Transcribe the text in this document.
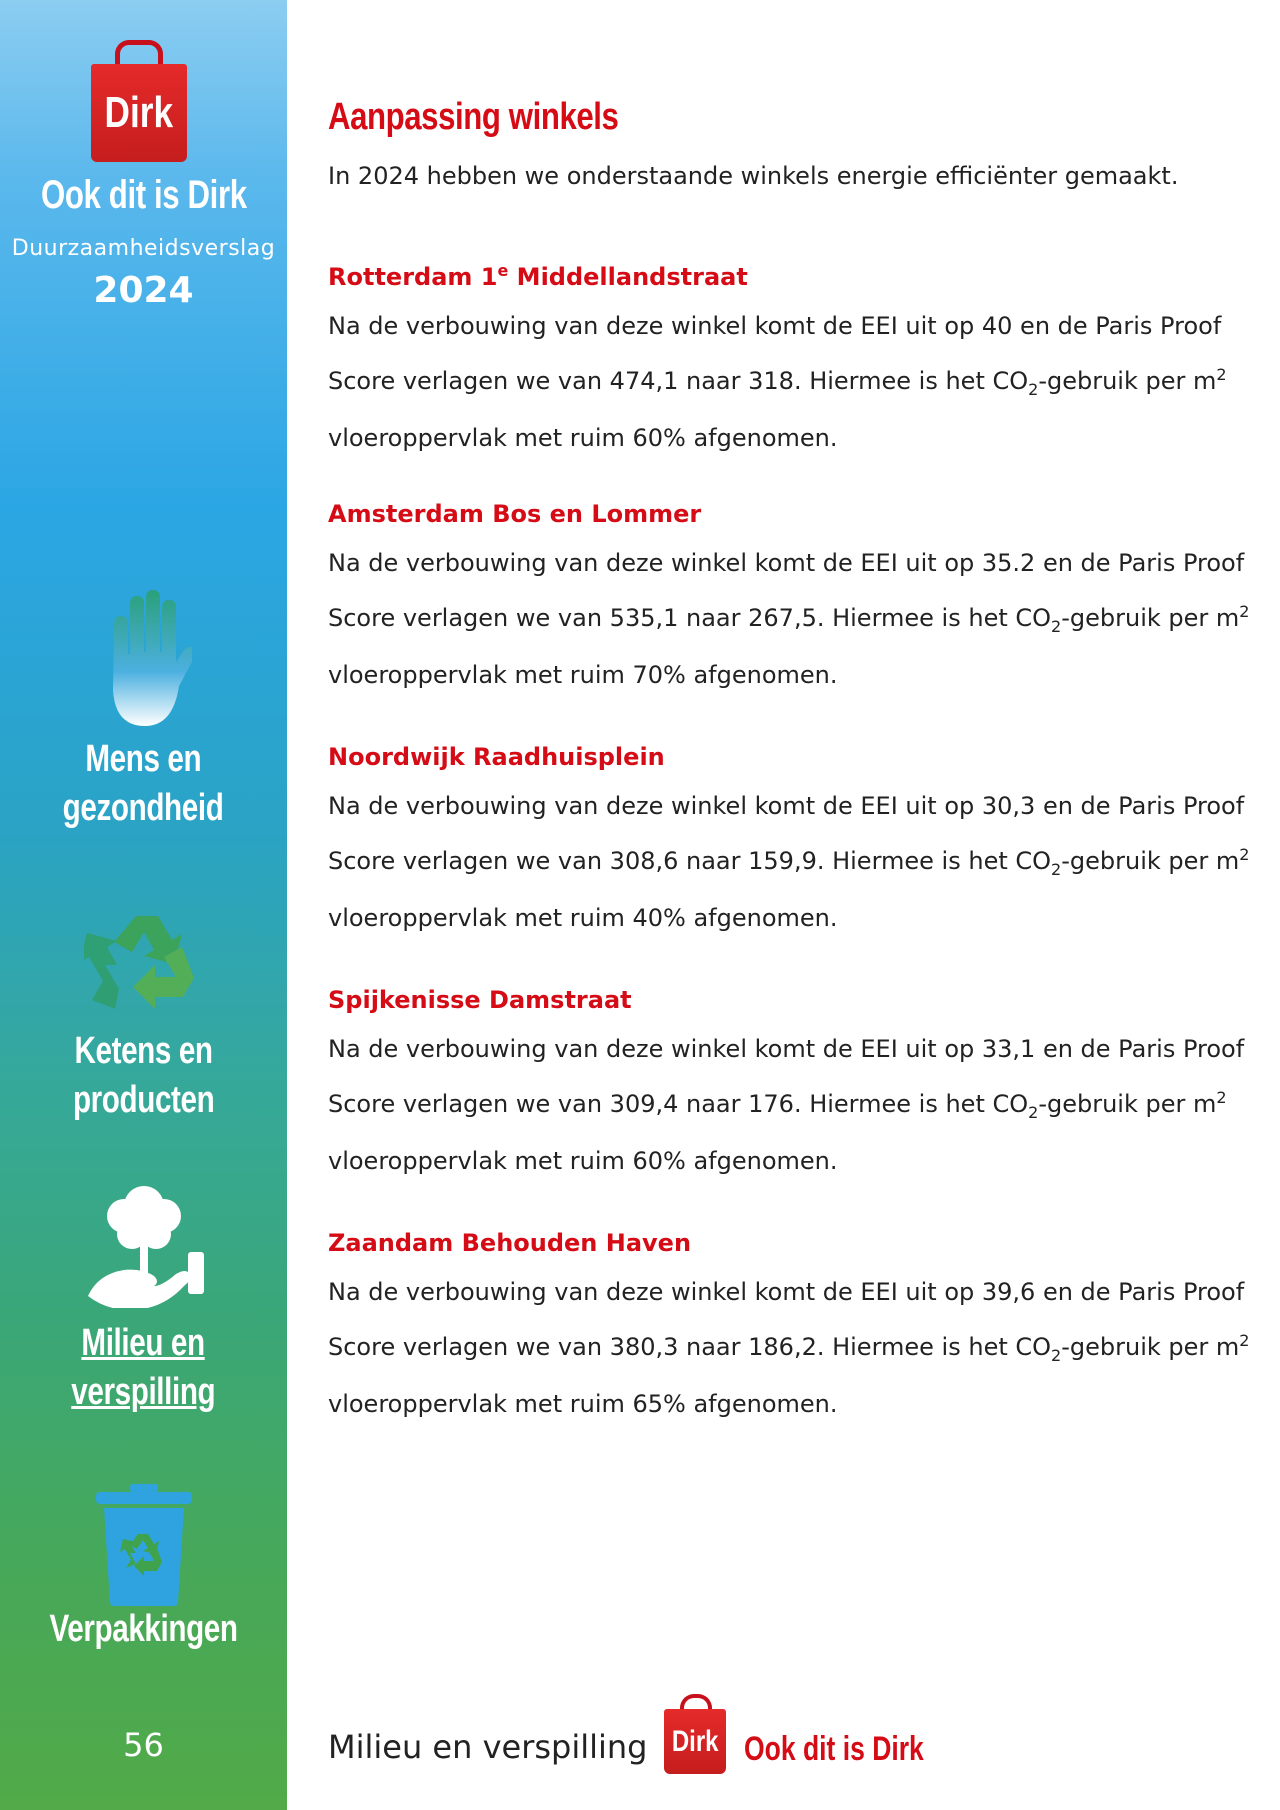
Dirk
Ook dit is Dirk
Duurzaamheidsverslag
2024
Mens en
gezondheid
Ketens en
producten
Milieu en
verspilling
Verpakkingen
56
Aanpassing winkels
In 2024 hebben we onderstaande winkels energie efficiënter gemaakt.
Rotterdam 1e Middellandstraat

Na de verbouwing van deze winkel komt de EEI uit op 40 en de Paris Proof Score verlagen we van 474,1 naar 318. Hiermee is het $CO_2$-gebruik per $m^2$ vloeroppervlak met ruim 60% afgenomen.

Amsterdam Bos en Lommer

Na de verbouwing van deze winkel komt de EEI uit op 35.2 en de Paris Proof Score verlagen we van 535,1 naar 267,5. Hiermee is het $CO_2$-gebruik per $m^2$ vloeroppervlak met ruim 70% afgenomen.

Noordwijk Raadhuisplein

Na de verbouwing van deze winkel komt de EEI uit op 30,3 en de Paris Proof Score verlagen we van 308,6 naar 159,9. Hiermee is het $CO_2$-gebruik per $m^2$ vloeroppervlak met ruim 40% afgenomen.

Spijkenisse Damstraat

Na de verbouwing van deze winkel komt de EEI uit op 33,1 en de Paris Proof Score verlagen we van 309,4 naar 176. Hiermee is het $CO_2$-gebruik per $m^2$ vloeroppervlak met ruim 60% afgenomen.

Zaandam Behouden Haven

Na de verbouwing van deze winkel komt de EEI uit op 39,6 en de Paris Proof Score verlagen we van 380,3 naar 186,2. Hiermee is het $CO_2$-gebruik per $m^2$ vloeroppervlak met ruim 65% afgenomen.

Milieu en verspilling Dirk Ook dit is Dirk
